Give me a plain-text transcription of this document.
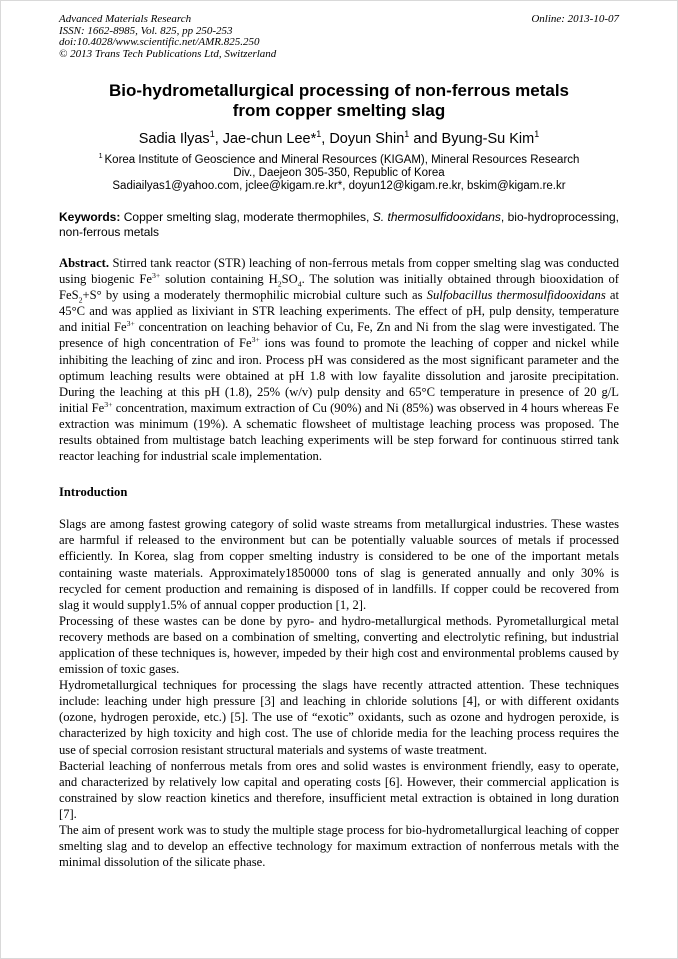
Advanced Materials Research
ISSN: 1662-8985, Vol. 825, pp 250-253
doi:10.4028/www.scientific.net/AMR.825.250
© 2013 Trans Tech Publications Ltd, Switzerland
Online: 2013-10-07
Bio-hydrometallurgical processing of non-ferrous metals
from copper smelting slag
Sadia Ilyas$^1$, Jae-chun Lee*$^1$, Doyun Shin$^1$ and Byung-Su Kim$^1$
$^1$ Korea Institute of Geoscience and Mineral Resources (KIGAM), Mineral Resources Research
Div., Daejeon 305-350, Republic of Korea
Sadiailyas1@yahoo.com, jclee@kigam.re.kr*, doyun12@kigam.re.kr, bskim@kigam.re.kr
Keywords: Copper smelting slag, moderate thermophiles, S. thermosulfidooxidans, bio-hydroprocessing, non-ferrous metals
Abstract. Stirred tank reactor (STR) leaching of non-ferrous metals from copper smelting slag was conducted using biogenic $Fe^{3+}$ solution containing $H_2SO_4$. The solution was initially obtained through biooxidation of FeS$_2$+S° by using a moderately thermophilic microbial culture such as Sulfobacillus thermosulfidooxidans at 45°C and was applied as lixiviant in STR leaching experiments. The effect of pH, pulp density, temperature and initial $Fe^{3+}$ concentration on leaching behavior of Cu, Fe, Zn and Ni from the slag were investigated. The presence of high concentration of $Fe^{3+}$ ions was found to promote the leaching of copper and nickel while inhibiting the leaching of zinc and iron. Process pH was considered as the most significant parameter and the optimum leaching results were obtained at pH 1.8 with low fayalite dissolution and jarosite precipitation. During the leaching at this pH (1.8), 25% (w/v) pulp density and 65°C temperature in presence of 20 g/L initial $Fe^{3+}$ concentration, maximum extraction of Cu (90%) and Ni (85%) was observed in 4 hours whereas Fe extraction was minimum (19%). A schematic flowsheet of multistage leaching process was proposed. The results obtained from multistage batch leaching experiments will be step forward for continuous stirred tank reactor leaching for industrial scale implementation.
Introduction

Slags are among fastest growing category of solid waste streams from metallurgical industries. These wastes are harmful if released to the environment but can be potentially valuable sources of metals if processed efficiently. In Korea, slag from copper smelting industry is considered to be one of the important metals containing waste materials. Approximately1850000 tons of slag is generated annually and only 30% is recycled for cement production and remaining is disposed of in landfills. If copper could be recovered from slag it would supply1.5% of annual copper production [1, 2].

Processing of these wastes can be done by pyro- and hydro-metallurgical methods. Pyrometallurgical metal recovery methods are based on a combination of smelting, converting and electrolytic refining, but industrial application of these techniques is, however, impeded by their high cost and environmental problems caused by emission of toxic gases.

Hydrometallurgical techniques for processing the slags have recently attracted attention. These techniques include: leaching under high pressure [3] and leaching in chloride solutions [4], or with different oxidants (ozone, hydrogen peroxide, etc.) [5]. The use of “exotic” oxidants, such as ozone and hydrogen peroxide, is characterized by high toxicity and high cost. The use of chloride media for the leaching process requires the use of special corrosion resistant structural materials and systems of waste treatment.

Bacterial leaching of nonferrous metals from ores and solid wastes is environment friendly, easy to operate, and characterized by relatively low capital and operating costs [6]. However, their commercial application is constrained by slow reaction kinetics and therefore, insufficient metal extraction is obtained in long duration [7].

The aim of present work was to study the multiple stage process for bio-hydrometallurgical leaching of copper smelting slag and to develop an effective technology for maximum extraction of nonferrous metals with the minimal dissolution of the silicate phase.
